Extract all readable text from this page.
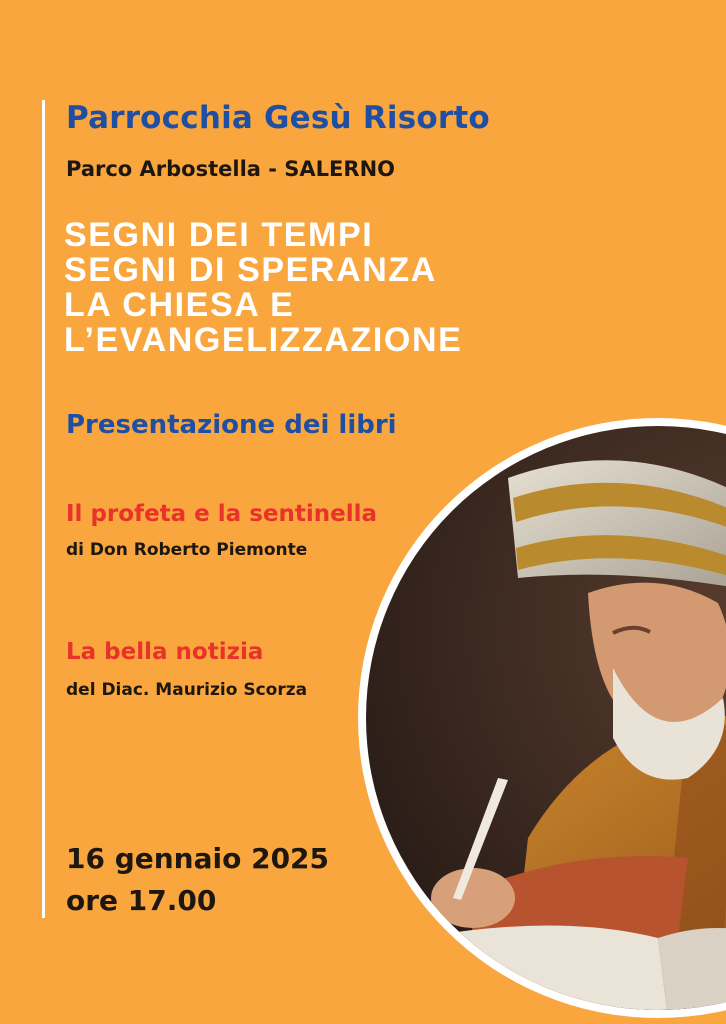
Parrocchia Gesù Risorto
Parco Arbostella - SALERNO
SEGNI DEI TEMPI
SEGNI DI SPERANZA
LA CHIESA E
L’EVANGELIZZAZIONE
Presentazione dei libri
Il profeta e la sentinella
di Don Roberto Piemonte
La bella notizia
del Diac. Maurizio Scorza
16 gennaio 2025
ore 17.00
